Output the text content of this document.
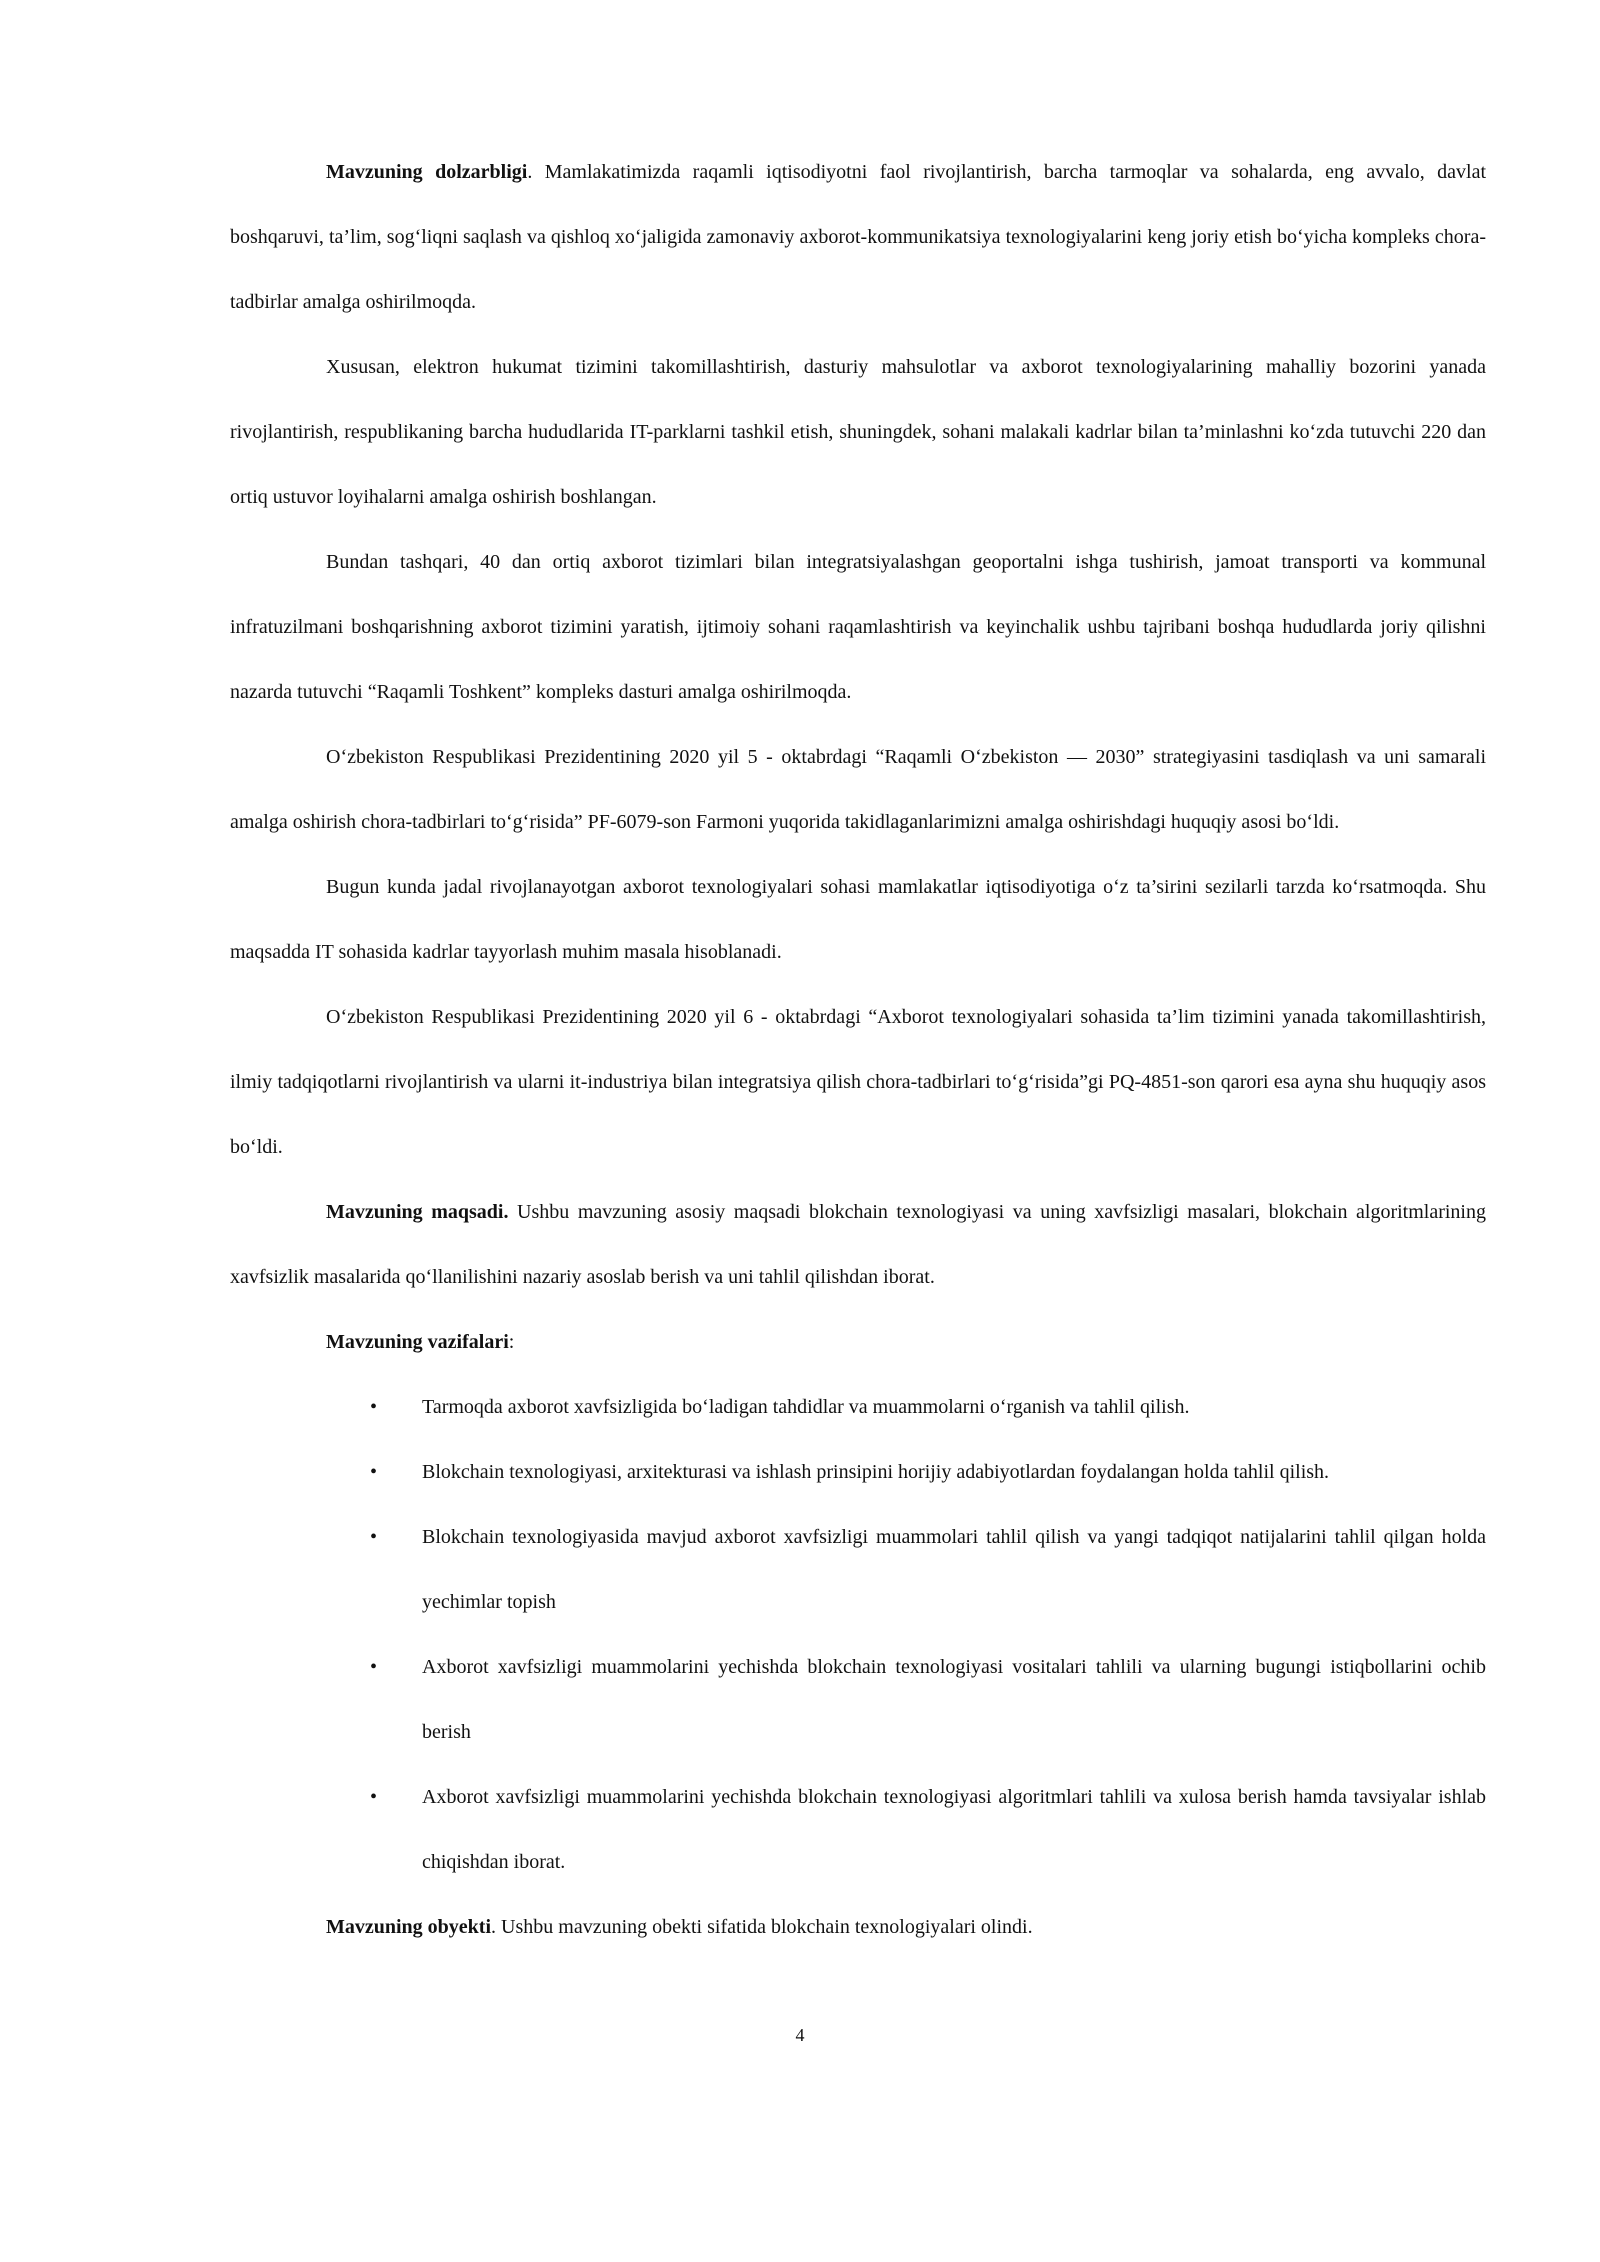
Mavzuning dolzarbligi. Mamlakatimizda raqamli iqtisodiyotni faol rivojlantirish, barcha tarmoqlar va sohalarda, eng avvalo, davlat boshqaruvi, ta’lim, sog‘liqni saqlash va qishloq xo‘jaligida zamonaviy axborot-kommunikatsiya texnologiyalarini keng joriy etish bo‘yicha kompleks chora-tadbirlar amalga oshirilmoqda.

Xususan, elektron hukumat tizimini takomillashtirish, dasturiy mahsulotlar va axborot texnologiyalarining mahalliy bozorini yanada rivojlantirish, respublikaning barcha hududlarida IT-parklarni tashkil etish, shuningdek, sohani malakali kadrlar bilan ta’minlashni ko‘zda tutuvchi 220 dan ortiq ustuvor loyihalarni amalga oshirish boshlangan.

Bundan tashqari, 40 dan ortiq axborot tizimlari bilan integratsiyalashgan geoportalni ishga tushirish, jamoat transporti va kommunal infratuzilmani boshqarishning axborot tizimini yaratish, ijtimoiy sohani raqamlashtirish va keyinchalik ushbu tajribani boshqa hududlarda joriy qilishni nazarda tutuvchi “Raqamli Toshkent” kompleks dasturi amalga oshirilmoqda.

O‘zbekiston Respublikasi Prezidentining 2020 yil 5 - oktabrdagi “Raqamli O‘zbekiston — 2030” strategiyasini tasdiqlash va uni samarali amalga oshirish chora-tadbirlari to‘g‘risida” PF-6079-son Farmoni yuqorida takidlaganlarimizni amalga oshirishdagi huquqiy asosi bo‘ldi.

Bugun kunda jadal rivojlanayotgan axborot texnologiyalari sohasi mamlakatlar iqtisodiyotiga o‘z ta’sirini sezilarli tarzda ko‘rsatmoqda. Shu maqsadda IT sohasida kadrlar tayyorlash muhim masala hisoblanadi.

O‘zbekiston Respublikasi Prezidentining 2020 yil 6 - oktabrdagi “Axborot texnologiyalari sohasida ta’lim tizimini yanada takomillashtirish, ilmiy tadqiqotlarni rivojlantirish va ularni it-industriya bilan integratsiya qilish chora-tadbirlari to‘g‘risida”gi PQ-4851-son qarori esa ayna shu huquqiy asos bo‘ldi.

Mavzuning maqsadi. Ushbu mavzuning asosiy maqsadi blokchain texnologiyasi va uning xavfsizligi masalari, blokchain algoritmlarining xavfsizlik masalarida qo‘llanilishini nazariy asoslab berish va uni tahlil qilishdan iborat.

Mavzuning vazifalari:

• Tarmoqda axborot xavfsizligida bo‘ladigan tahdidlar va muammolarni o‘rganish va tahlil qilish.
• Blokchain texnologiyasi, arxitekturasi va ishlash prinsipini horijiy adabiyotlardan foydalangan holda tahlil qilish.
• Blokchain texnologiyasida mavjud axborot xavfsizligi muammolari tahlil qilish va yangi tadqiqot natijalarini tahlil qilgan holda yechimlar topish
• Axborot xavfsizligi muammolarini yechishda blokchain texnologiyasi vositalari tahlili va ularning bugungi istiqbollarini ochib berish
• Axborot xavfsizligi muammolarini yechishda blokchain texnologiyasi algoritmlari tahlili va xulosa berish hamda tavsiyalar ishlab chiqishdan iborat.

Mavzuning obyekti. Ushbu mavzuning obekti sifatida blokchain texnologiyalari olindi.

4
